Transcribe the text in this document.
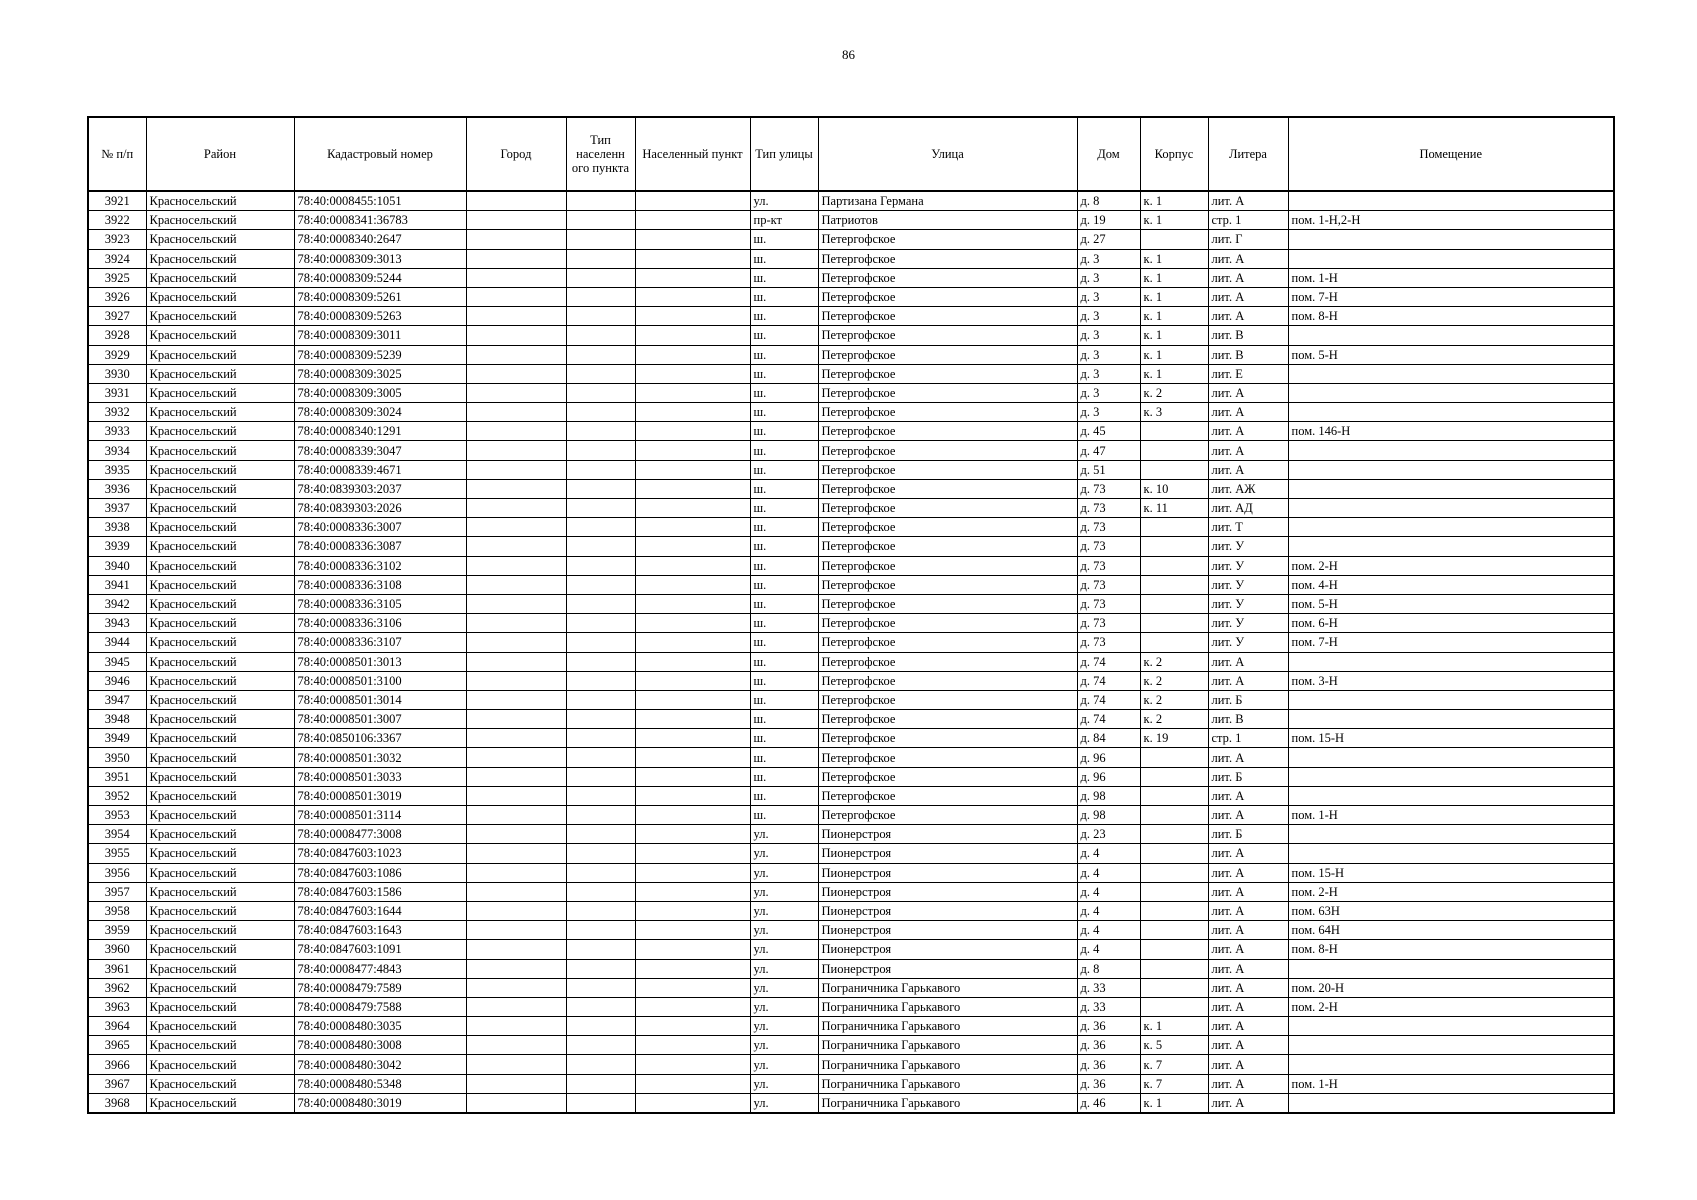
86
№ п/п	Район	Кадастровый номер	Город	Тип населенн ого пункта	Населенный пункт	Тип улицы	Улица	Дом	Корпус	Литера	Помещение
3921	Красносельский	78:40:0008455:1051				ул.	Партизана Германа	д. 8	к. 1	лит. А	
3922	Красносельский	78:40:0008341:36783				пр-кт	Патриотов	д. 19	к. 1	стр. 1	пом. 1-Н,2-Н
3923	Красносельский	78:40:0008340:2647				ш.	Петергофское	д. 27		лит. Г	
3924	Красносельский	78:40:0008309:3013				ш.	Петергофское	д. 3	к. 1	лит. А	
3925	Красносельский	78:40:0008309:5244				ш.	Петергофское	д. 3	к. 1	лит. А	пом. 1-Н
3926	Красносельский	78:40:0008309:5261				ш.	Петергофское	д. 3	к. 1	лит. А	пом. 7-Н
3927	Красносельский	78:40:0008309:5263				ш.	Петергофское	д. 3	к. 1	лит. А	пом. 8-Н
3928	Красносельский	78:40:0008309:3011				ш.	Петергофское	д. 3	к. 1	лит. В	
3929	Красносельский	78:40:0008309:5239				ш.	Петергофское	д. 3	к. 1	лит. В	пом. 5-Н
3930	Красносельский	78:40:0008309:3025				ш.	Петергофское	д. 3	к. 1	лит. Е	
3931	Красносельский	78:40:0008309:3005				ш.	Петергофское	д. 3	к. 2	лит. А	
3932	Красносельский	78:40:0008309:3024				ш.	Петергофское	д. 3	к. 3	лит. А	
3933	Красносельский	78:40:0008340:1291				ш.	Петергофское	д. 45		лит. А	пом. 146-Н
3934	Красносельский	78:40:0008339:3047				ш.	Петергофское	д. 47		лит. А	
3935	Красносельский	78:40:0008339:4671				ш.	Петергофское	д. 51		лит. А	
3936	Красносельский	78:40:0839303:2037				ш.	Петергофское	д. 73	к. 10	лит. АЖ	
3937	Красносельский	78:40:0839303:2026				ш.	Петергофское	д. 73	к. 11	лит. АД	
3938	Красносельский	78:40:0008336:3007				ш.	Петергофское	д. 73		лит. Т	
3939	Красносельский	78:40:0008336:3087				ш.	Петергофское	д. 73		лит. У	
3940	Красносельский	78:40:0008336:3102				ш.	Петергофское	д. 73		лит. У	пом. 2-Н
3941	Красносельский	78:40:0008336:3108				ш.	Петергофское	д. 73		лит. У	пом. 4-Н
3942	Красносельский	78:40:0008336:3105				ш.	Петергофское	д. 73		лит. У	пом. 5-Н
3943	Красносельский	78:40:0008336:3106				ш.	Петергофское	д. 73		лит. У	пом. 6-Н
3944	Красносельский	78:40:0008336:3107				ш.	Петергофское	д. 73		лит. У	пом. 7-Н
3945	Красносельский	78:40:0008501:3013				ш.	Петергофское	д. 74	к. 2	лит. А	
3946	Красносельский	78:40:0008501:3100				ш.	Петергофское	д. 74	к. 2	лит. А	пом. 3-Н
3947	Красносельский	78:40:0008501:3014				ш.	Петергофское	д. 74	к. 2	лит. Б	
3948	Красносельский	78:40:0008501:3007				ш.	Петергофское	д. 74	к. 2	лит. В	
3949	Красносельский	78:40:0850106:3367				ш.	Петергофское	д. 84	к. 19	стр. 1	пом. 15-Н
3950	Красносельский	78:40:0008501:3032				ш.	Петергофское	д. 96		лит. А	
3951	Красносельский	78:40:0008501:3033				ш.	Петергофское	д. 96		лит. Б	
3952	Красносельский	78:40:0008501:3019				ш.	Петергофское	д. 98		лит. А	
3953	Красносельский	78:40:0008501:3114				ш.	Петергофское	д. 98		лит. А	пом. 1-Н
3954	Красносельский	78:40:0008477:3008				ул.	Пионерстроя	д. 23		лит. Б	
3955	Красносельский	78:40:0847603:1023				ул.	Пионерстроя	д. 4		лит. А	
3956	Красносельский	78:40:0847603:1086				ул.	Пионерстроя	д. 4		лит. А	пом. 15-Н
3957	Красносельский	78:40:0847603:1586				ул.	Пионерстроя	д. 4		лит. А	пом. 2-Н
3958	Красносельский	78:40:0847603:1644				ул.	Пионерстроя	д. 4		лит. А	пом. 63Н
3959	Красносельский	78:40:0847603:1643				ул.	Пионерстроя	д. 4		лит. А	пом. 64Н
3960	Красносельский	78:40:0847603:1091				ул.	Пионерстроя	д. 4		лит. А	пом. 8-Н
3961	Красносельский	78:40:0008477:4843				ул.	Пионерстроя	д. 8		лит. А	
3962	Красносельский	78:40:0008479:7589				ул.	Пограничника Гарькавого	д. 33		лит. А	пом. 20-Н
3963	Красносельский	78:40:0008479:7588				ул.	Пограничника Гарькавого	д. 33		лит. А	пом. 2-Н
3964	Красносельский	78:40:0008480:3035				ул.	Пограничника Гарькавого	д. 36	к. 1	лит. А	
3965	Красносельский	78:40:0008480:3008				ул.	Пограничника Гарькавого	д. 36	к. 5	лит. А	
3966	Красносельский	78:40:0008480:3042				ул.	Пограничника Гарькавого	д. 36	к. 7	лит. А	
3967	Красносельский	78:40:0008480:5348				ул.	Пограничника Гарькавого	д. 36	к. 7	лит. А	пом. 1-Н
3968	Красносельский	78:40:0008480:3019				ул.	Пограничника Гарькавого	д. 46	к. 1	лит. А	
